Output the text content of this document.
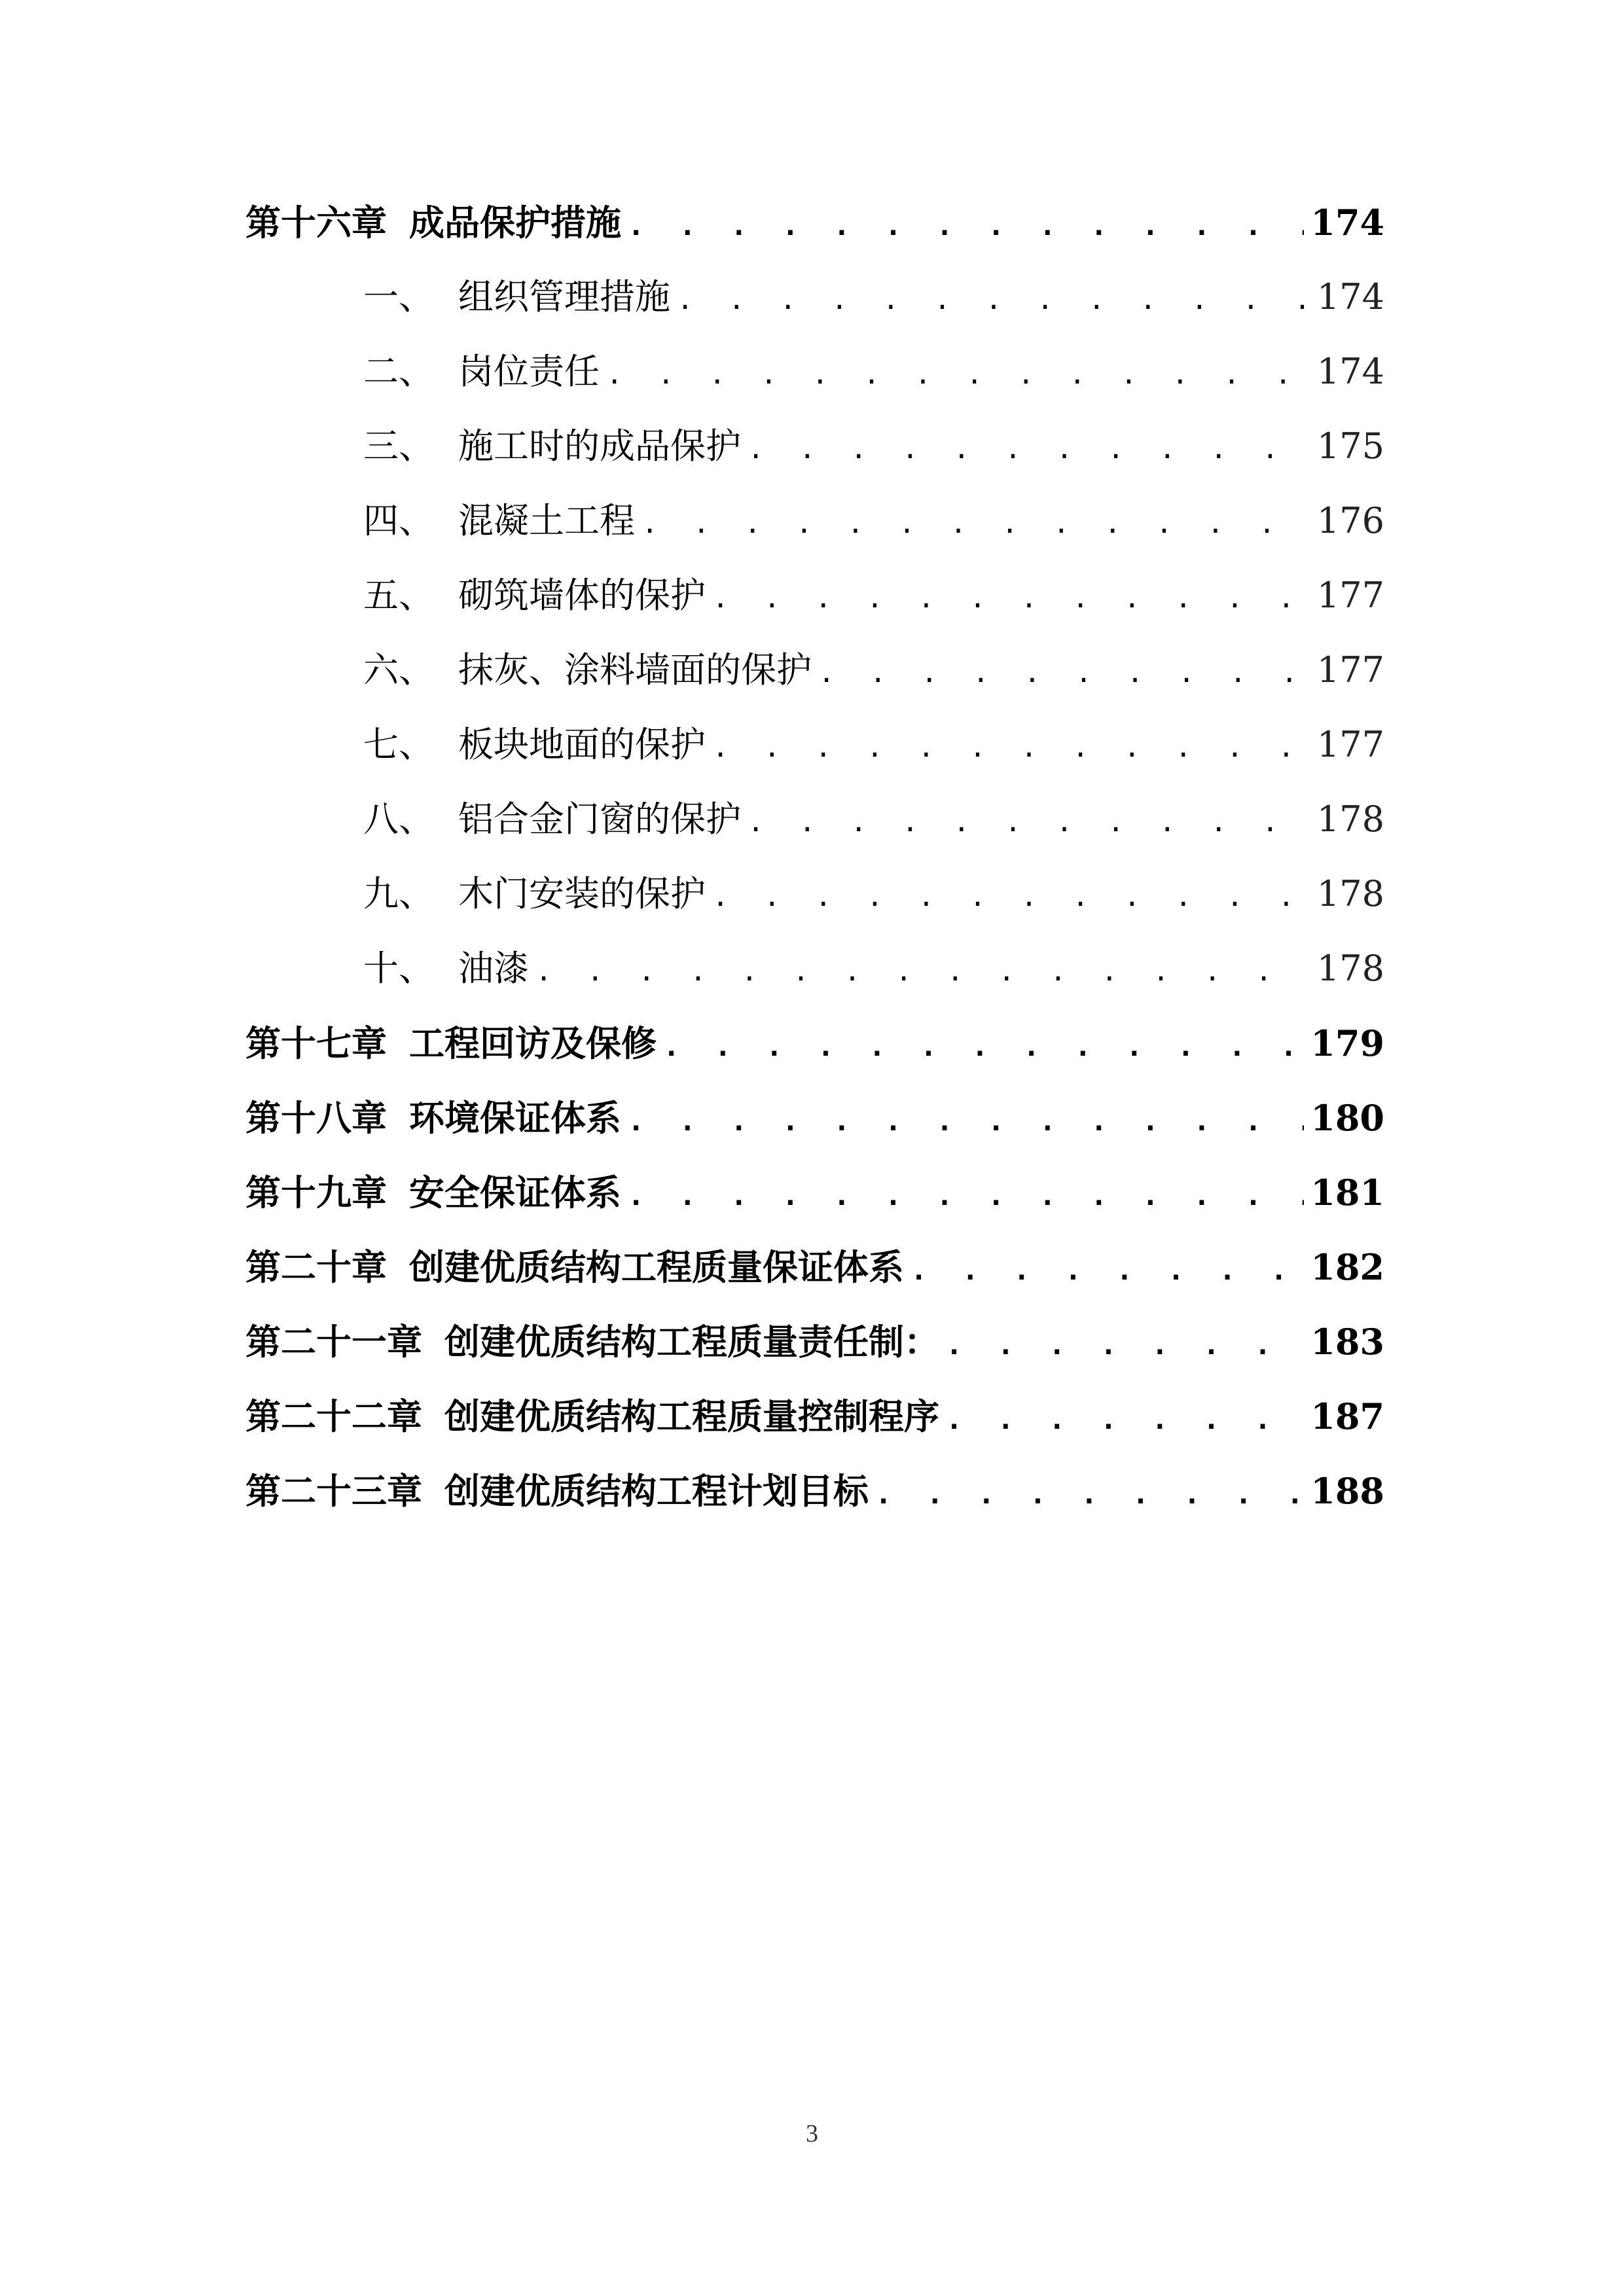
第十六章 成品保护措施 . . .	174
一、 组织管理措施 . . .	174
二、 岗位责任 . . .	174
三、 施工时的成品保护 . . .	175
四、 混凝土工程 . . .	176
五、 砌筑墙体的保护 . . .	177
六、 抹灰、涂料墙面的保护 . . .	177
七、 板块地面的保护 . . .	177
八、 铝合金门窗的保护 . . .	178
九、 木门安装的保护 . . .	178
十、 油漆 . . .	178
第十七章 工程回访及保修 . . .	179
第十八章 环境保证体系 . . .	180
第十九章 安全保证体系 . . .	181
第二十章 创建优质结构工程质量保证体系 . . .	182
第二十一章 创建优质结构工程质量责任制： . . .	183
第二十二章 创建优质结构工程质量控制程序 . . .	187
第二十三章 创建优质结构工程计划目标 . . .	188
3
